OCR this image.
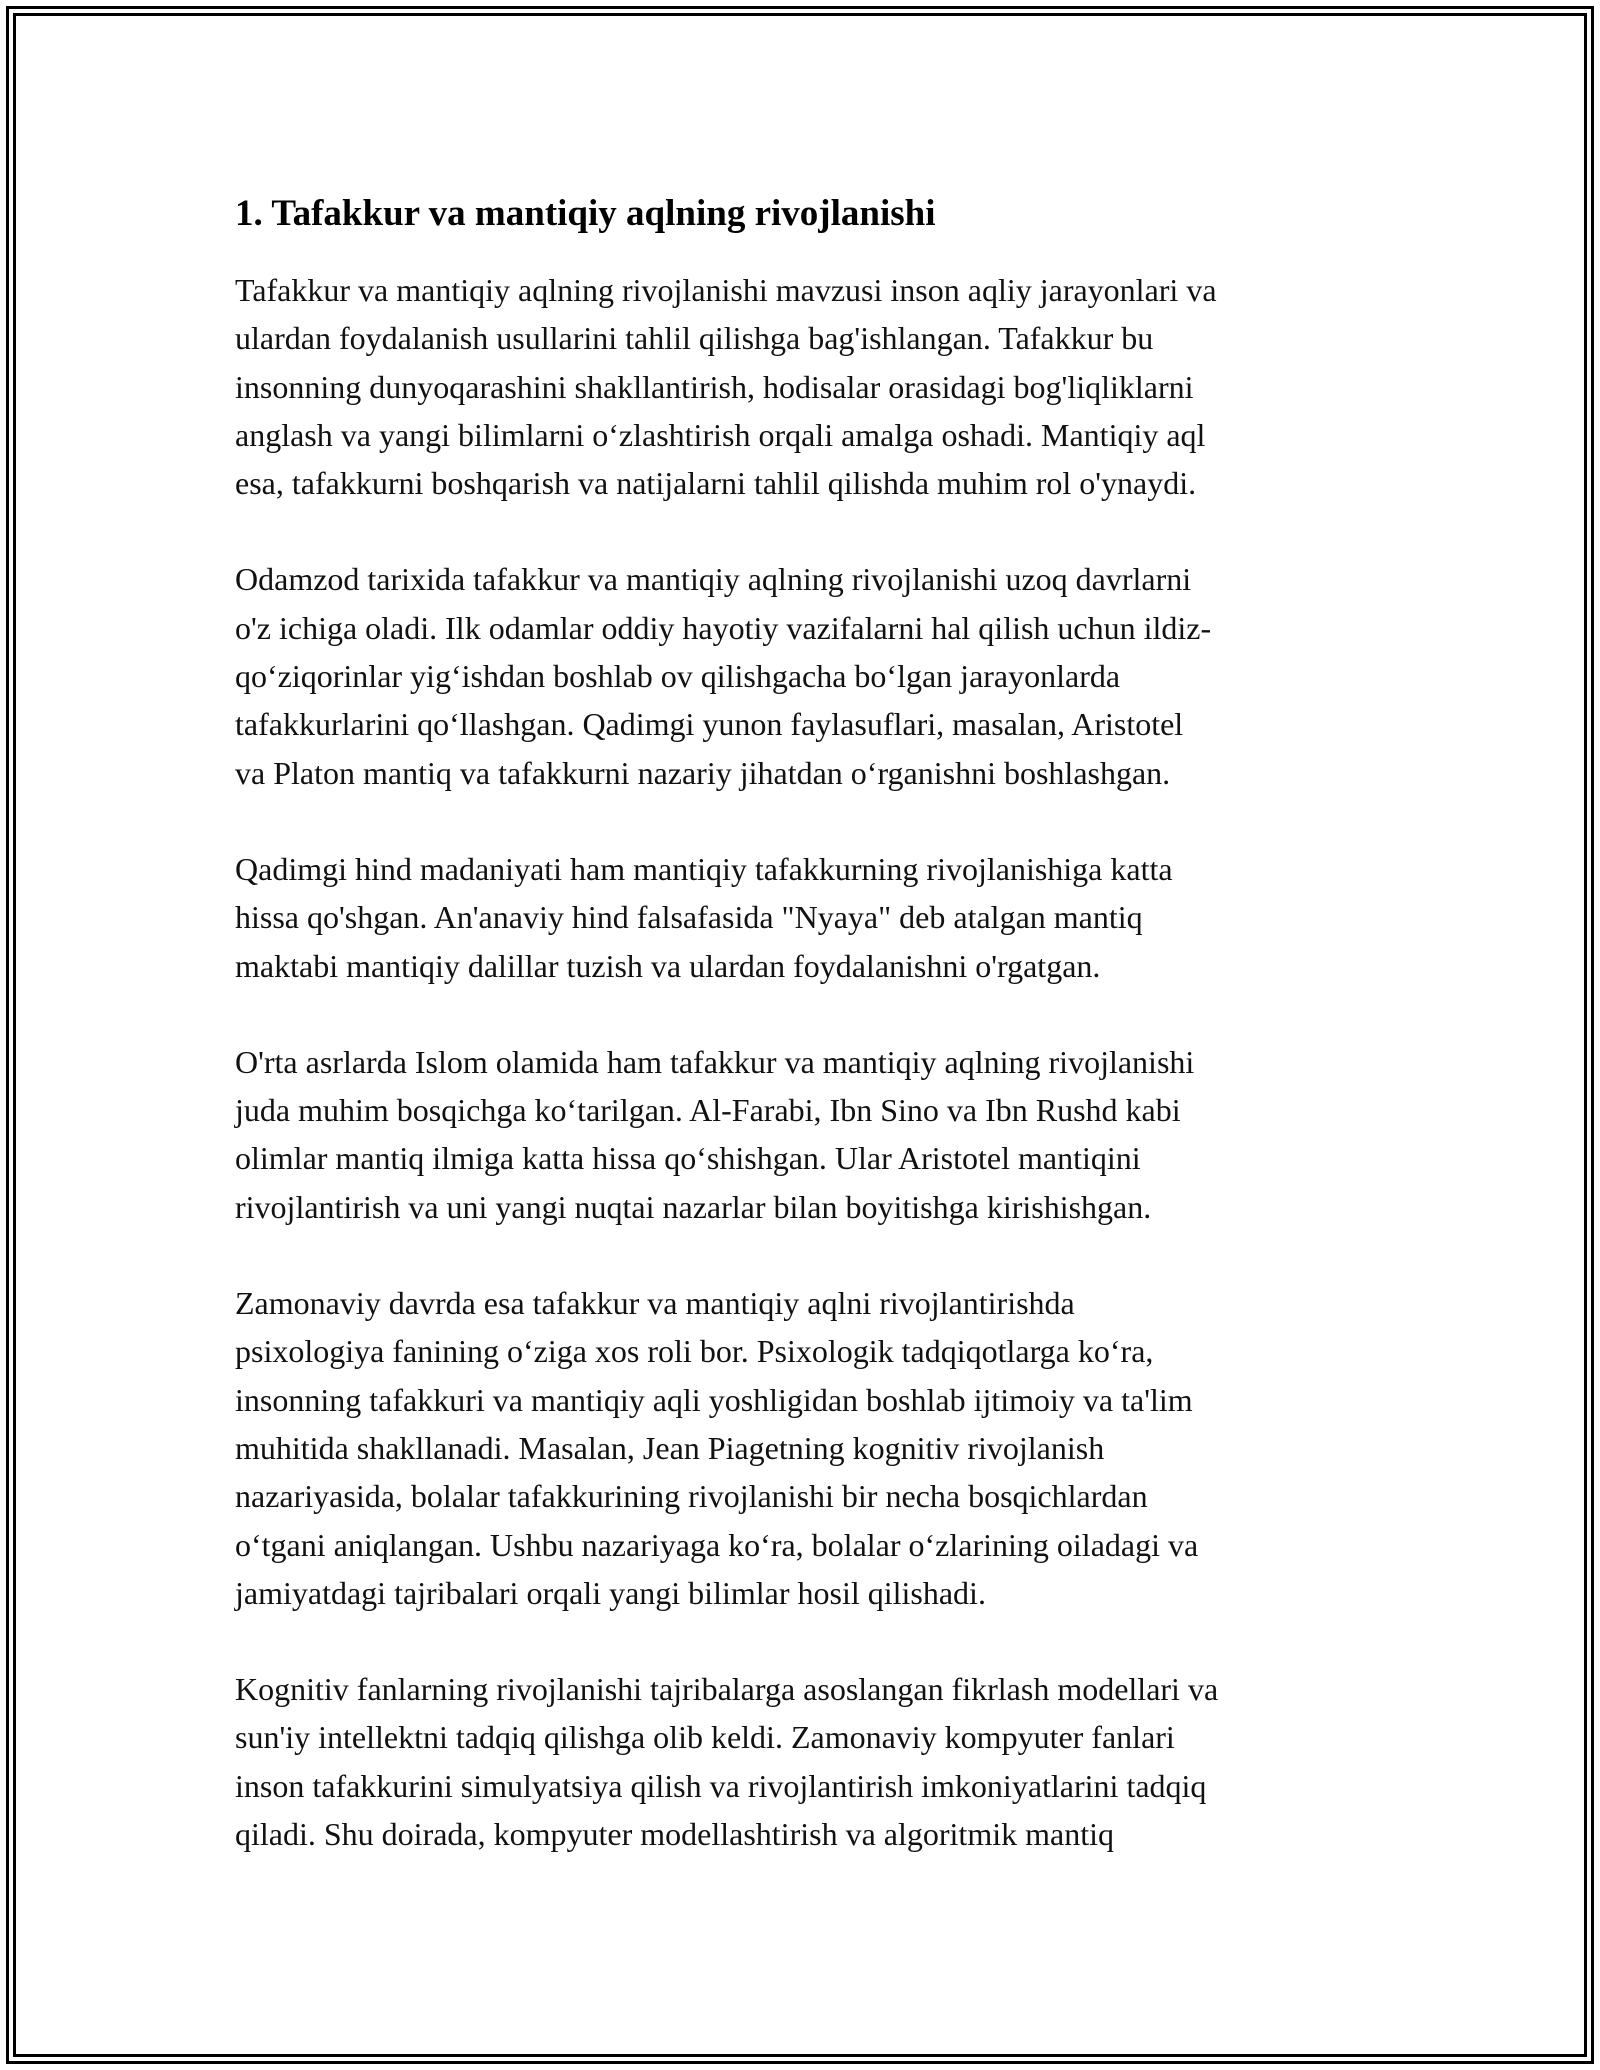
1. Tafakkur va mantiqiy aqlning rivojlanishi

Tafakkur va mantiqiy aqlning rivojlanishi mavzusi inson aqliy jarayonlari va
ulardan foydalanish usullarini tahlil qilishga bag'ishlangan. Tafakkur bu
insonning dunyoqarashini shakllantirish, hodisalar orasidagi bog'liqliklarni
anglash va yangi bilimlarni oʻzlashtirish orqali amalga oshadi. Mantiqiy aql
esa, tafakkurni boshqarish va natijalarni tahlil qilishda muhim rol o'ynaydi.

Odamzod tarixida tafakkur va mantiqiy aqlning rivojlanishi uzoq davrlarni
o'z ichiga oladi. Ilk odamlar oddiy hayotiy vazifalarni hal qilish uchun ildiz-
qoʻziqorinlar yigʻishdan boshlab ov qilishgacha boʻlgan jarayonlarda
tafakkurlarini qoʻllashgan. Qadimgi yunon faylasuflari, masalan, Aristotel
va Platon mantiq va tafakkurni nazariy jihatdan oʻrganishni boshlashgan.

Qadimgi hind madaniyati ham mantiqiy tafakkurning rivojlanishiga katta
hissa qo'shgan. An'anaviy hind falsafasida "Nyaya" deb atalgan mantiq
maktabi mantiqiy dalillar tuzish va ulardan foydalanishni o'rgatgan.

O'rta asrlarda Islom olamida ham tafakkur va mantiqiy aqlning rivojlanishi
juda muhim bosqichga koʻtarilgan. Al-Farabi, Ibn Sino va Ibn Rushd kabi
olimlar mantiq ilmiga katta hissa qoʻshishgan. Ular Aristotel mantiqini
rivojlantirish va uni yangi nuqtai nazarlar bilan boyitishga kirishishgan.

Zamonaviy davrda esa tafakkur va mantiqiy aqlni rivojlantirishda
psixologiya fanining oʻziga xos roli bor. Psixologik tadqiqotlarga koʻra,
insonning tafakkuri va mantiqiy aqli yoshligidan boshlab ijtimoiy va ta'lim
muhitida shakllanadi. Masalan, Jean Piagetning kognitiv rivojlanish
nazariyasida, bolalar tafakkurining rivojlanishi bir necha bosqichlardan
oʻtgani aniqlangan. Ushbu nazariyaga koʻra, bolalar oʻzlarining oiladagi va
jamiyatdagi tajribalari orqali yangi bilimlar hosil qilishadi.

Kognitiv fanlarning rivojlanishi tajribalarga asoslangan fikrlash modellari va
sun'iy intellektni tadqiq qilishga olib keldi. Zamonaviy kompyuter fanlari
inson tafakkurini simulyatsiya qilish va rivojlantirish imkoniyatlarini tadqiq
qiladi. Shu doirada, kompyuter modellashtirish va algoritmik mantiq
